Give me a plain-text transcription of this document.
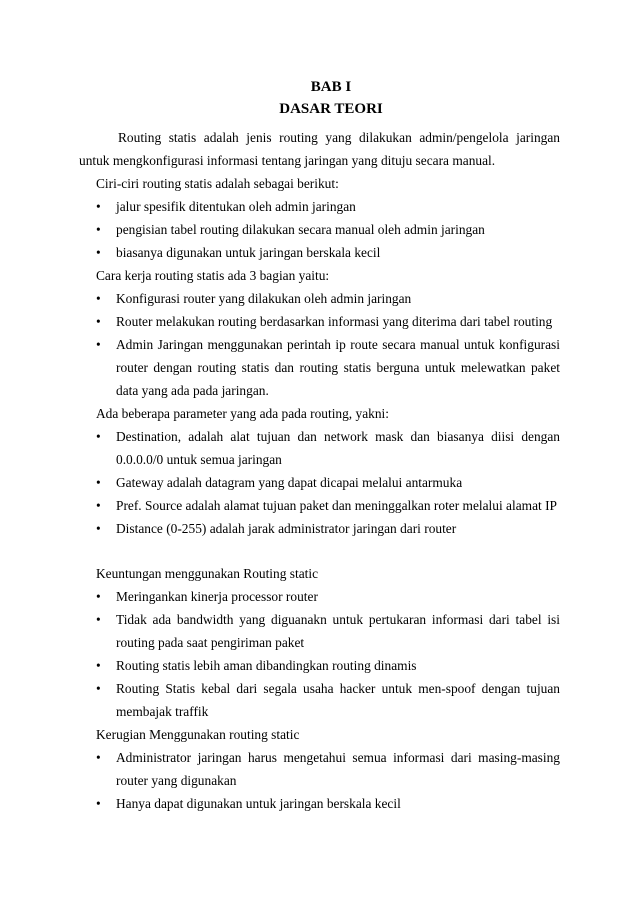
BAB I
DASAR TEORI

Routing statis adalah jenis routing yang dilakukan admin/pengelola jaringan untuk mengkonfigurasi informasi tentang jaringan yang dituju secara manual.

Ciri-ciri routing statis adalah sebagai berikut:

•	jalur spesifik ditentukan oleh admin jaringan
•	pengisian tabel routing dilakukan secara manual oleh admin jaringan
•	biasanya digunakan untuk jaringan berskala kecil

Cara kerja routing statis ada 3 bagian yaitu:

•	Konfigurasi router yang dilakukan oleh admin jaringan
•	Router melakukan routing berdasarkan informasi yang diterima dari tabel routing
•	Admin Jaringan menggunakan perintah ip route secara manual untuk konfigurasi router dengan routing statis dan routing statis berguna untuk melewatkan paket data yang ada pada jaringan.

Ada beberapa parameter yang ada pada routing, yakni:

•	Destination, adalah alat tujuan dan network mask dan biasanya diisi dengan 0.0.0.0/0 untuk semua jaringan
•	Gateway adalah datagram yang dapat dicapai melalui antarmuka
•	Pref. Source adalah alamat tujuan paket dan meninggalkan roter melalui alamat IP
•	Distance (0-255) adalah jarak administrator jaringan dari router

Keuntungan menggunakan Routing static

•	Meringankan kinerja processor router
•	Tidak ada bandwidth yang diguanakn untuk pertukaran informasi dari tabel isi routing pada saat pengiriman paket
•	Routing statis lebih aman dibandingkan routing dinamis
•	Routing Statis kebal dari segala usaha hacker untuk men-spoof dengan tujuan membajak traffik

Kerugian Menggunakan routing static

•	Administrator jaringan harus mengetahui semua informasi dari masing-masing router yang digunakan
•	Hanya dapat digunakan untuk jaringan berskala kecil
